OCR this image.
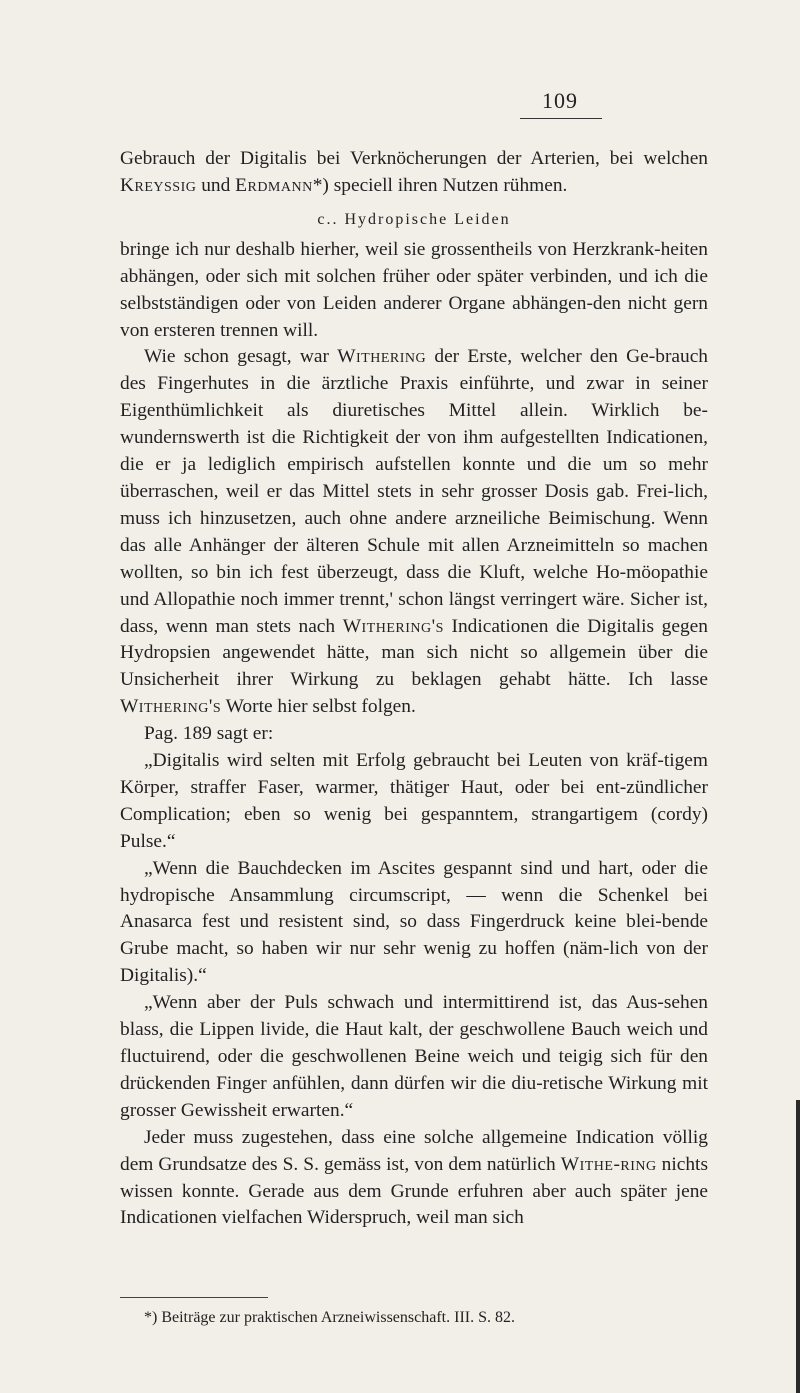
109

Gebrauch der Digitalis bei Verknöcherungen der Arterien, bei welchen Kreyssig und Erdmann*) speciell ihren Nutzen rühmen.

c.. Hydropische Leiden

bringe ich nur deshalb hierher, weil sie grossentheils von Herzkrank-heiten abhängen, oder sich mit solchen früher oder später verbinden, und ich die selbstständigen oder von Leiden anderer Organe abhängen-den nicht gern von ersteren trennen will.

Wie schon gesagt, war Withering der Erste, welcher den Ge-brauch des Fingerhutes in die ärztliche Praxis einführte, und zwar in seiner Eigenthümlichkeit als diuretisches Mittel allein. Wirklich be-wundernswerth ist die Richtigkeit der von ihm aufgestellten Indicationen, die er ja lediglich empirisch aufstellen konnte und die um so mehr überraschen, weil er das Mittel stets in sehr grosser Dosis gab. Frei-lich, muss ich hinzusetzen, auch ohne andere arzneiliche Beimischung. Wenn das alle Anhänger der älteren Schule mit allen Arzneimitteln so machen wollten, so bin ich fest überzeugt, dass die Kluft, welche Ho-möopathie und Allopathie noch immer trennt,' schon längst verringert wäre. Sicher ist, dass, wenn man stets nach Withering's Indicationen die Digitalis gegen Hydropsien angewendet hätte, man sich nicht so allgemein über die Unsicherheit ihrer Wirkung zu beklagen gehabt hätte. Ich lasse Withering's Worte hier selbst folgen.

Pag. 189 sagt er:

„Digitalis wird selten mit Erfolg gebraucht bei Leuten von kräf-tigem Körper, straffer Faser, warmer, thätiger Haut, oder bei ent-zündlicher Complication; eben so wenig bei gespanntem, strangartigem (cordy) Pulse.“

„Wenn die Bauchdecken im Ascites gespannt sind und hart, oder die hydropische Ansammlung circumscript, — wenn die Schenkel bei Anasarca fest und resistent sind, so dass Fingerdruck keine blei-bende Grube macht, so haben wir nur sehr wenig zu hoffen (näm-lich von der Digitalis).“

„Wenn aber der Puls schwach und intermittirend ist, das Aus-sehen blass, die Lippen livide, die Haut kalt, der geschwollene Bauch weich und fluctuirend, oder die geschwollenen Beine weich und teigig sich für den drückenden Finger anfühlen, dann dürfen wir die diu-retische Wirkung mit grosser Gewissheit erwarten.“

Jeder muss zugestehen, dass eine solche allgemeine Indication völlig dem Grundsatze des S. S. gemäss ist, von dem natürlich Withe-ring nichts wissen konnte. Gerade aus dem Grunde erfuhren aber auch später jene Indicationen vielfachen Widerspruch, weil man sich

*) Beiträge zur praktischen Arzneiwissenschaft. III. S. 82.
